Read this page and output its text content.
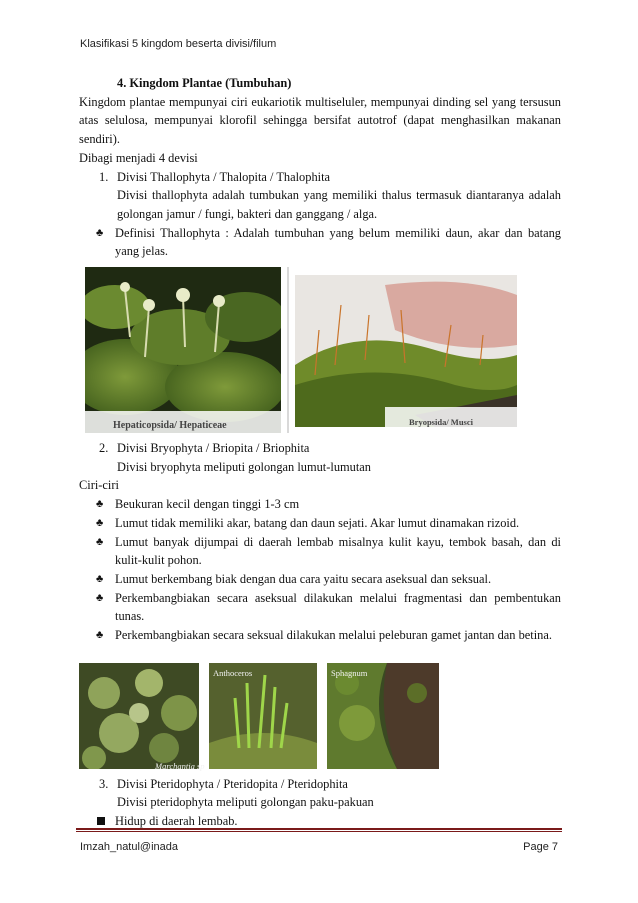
Klasifikasi 5 kingdom beserta divisi/filum
4. Kingdom Plantae (Tumbuhan)
Kingdom plantae mempunyai ciri eukariotik multiseluler, mempunyai dinding sel yang tersusun atas selulosa, mempunyai klorofil sehingga bersifat autotrof (dapat menghasilkan makanan sendiri).
Dibagi menjadi 4 devisi
1. Divisi Thallophyta / Thalopita / Thalophita
Divisi thallophyta adalah tumbukan yang memiliki thalus termasuk diantaranya adalah golongan jamur / fungi, bakteri dan ganggang / alga.
♣ Definisi Thallophyta : Adalah tumbuhan yang belum memiliki daun, akar dan batang yang jelas.
Hepaticopsida/ Hepaticeae	Bryopsida/ Musci
2. Divisi Bryophyta / Briopita / Briophita
Divisi bryophyta meliputi golongan lumut-lumutan
Ciri-ciri
♣ Beukuran kecil dengan tinggi 1-3 cm
♣ Lumut tidak memiliki akar, batang dan daun sejati. Akar lumut dinamakan rizoid.
♣ Lumut banyak dijumpai di daerah lembab misalnya kulit kayu, tembok basah, dan di kulit-kulit pohon.
♣ Lumut berkembang biak dengan dua cara yaitu secara aseksual dan seksual.
♣ Perkembangbiakan secara aseksual dilakukan melalui fragmentasi dan pembentukan tunas.
♣ Perkembangbiakan secara seksual dilakukan melalui peleburan gamet jantan dan betina.
Marchantia sp
Anthoceros	Sphagnum
3. Divisi Pteridophyta / Pteridopita / Pteridophita
Divisi pteridophyta meliputi golongan paku-pakuan
Hidup di daerah lembab.
Imzah_natul@inada	Page 7
